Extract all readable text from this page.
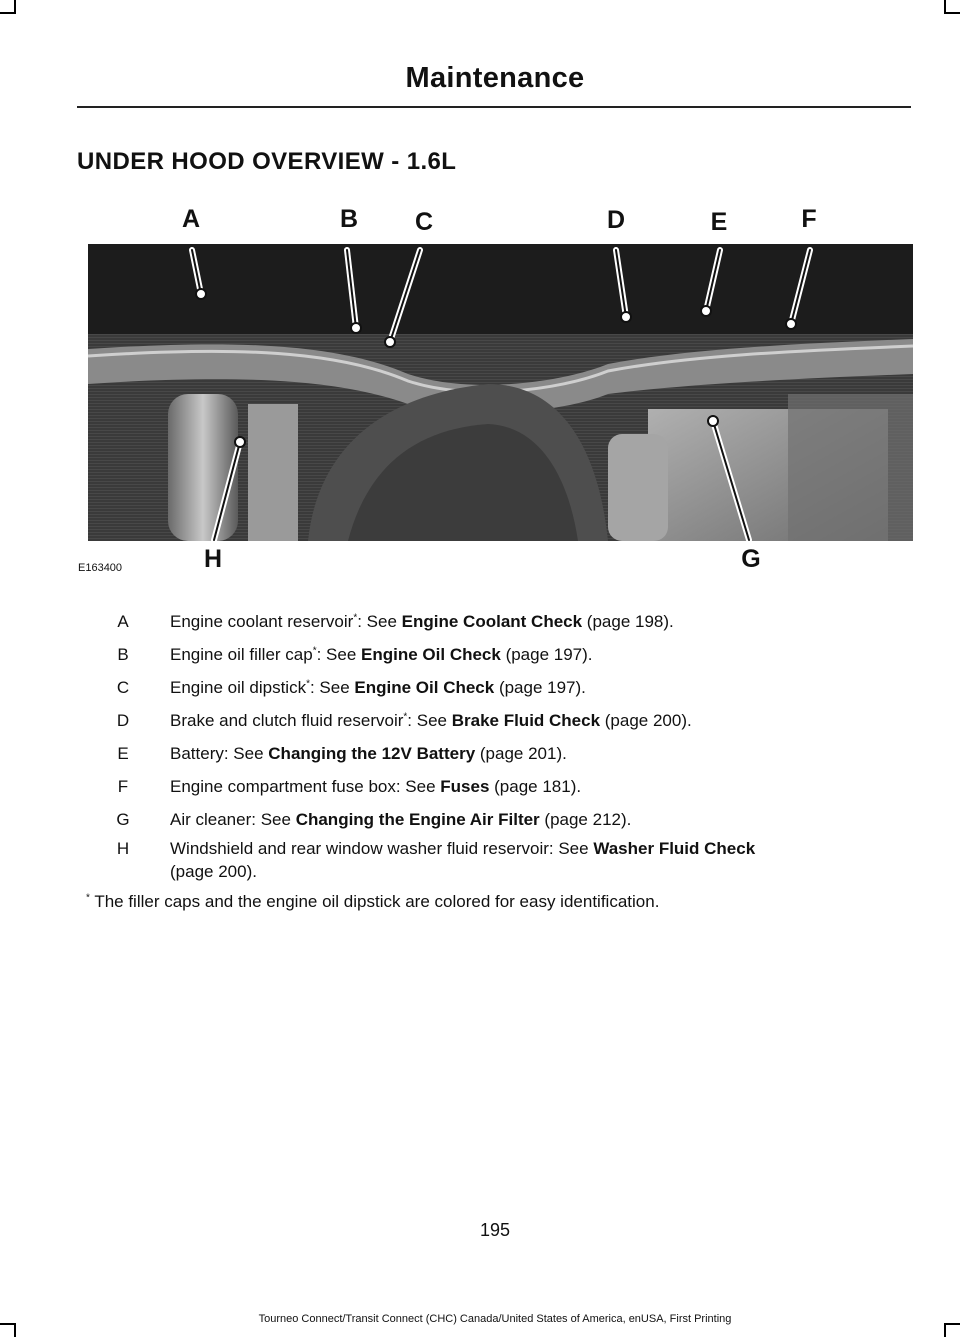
Maintenance
UNDER HOOD OVERVIEW - 1.6L
A	B C	D	E	F
G
H
E163400
A	Engine coolant reservoir*: See Engine Coolant Check (page 198).
B	Engine oil filler cap*: See Engine Oil Check (page 197).
C	Engine oil dipstick*: See Engine Oil Check (page 197).
D	Brake and clutch fluid reservoir*: See Brake Fluid Check (page 200).
E	Battery: See Changing the 12V Battery (page 201).
F	Engine compartment fuse box: See Fuses (page 181).
G	Air cleaner: See Changing the Engine Air Filter (page 212).
H	Windshield and rear window washer fluid reservoir: See Washer Fluid Check
(page 200).
* The filler caps and the engine oil dipstick are colored for easy identification.
195
Tourneo Connect/Transit Connect (CHC) Canada/United States of America, enUSA, First Printing
